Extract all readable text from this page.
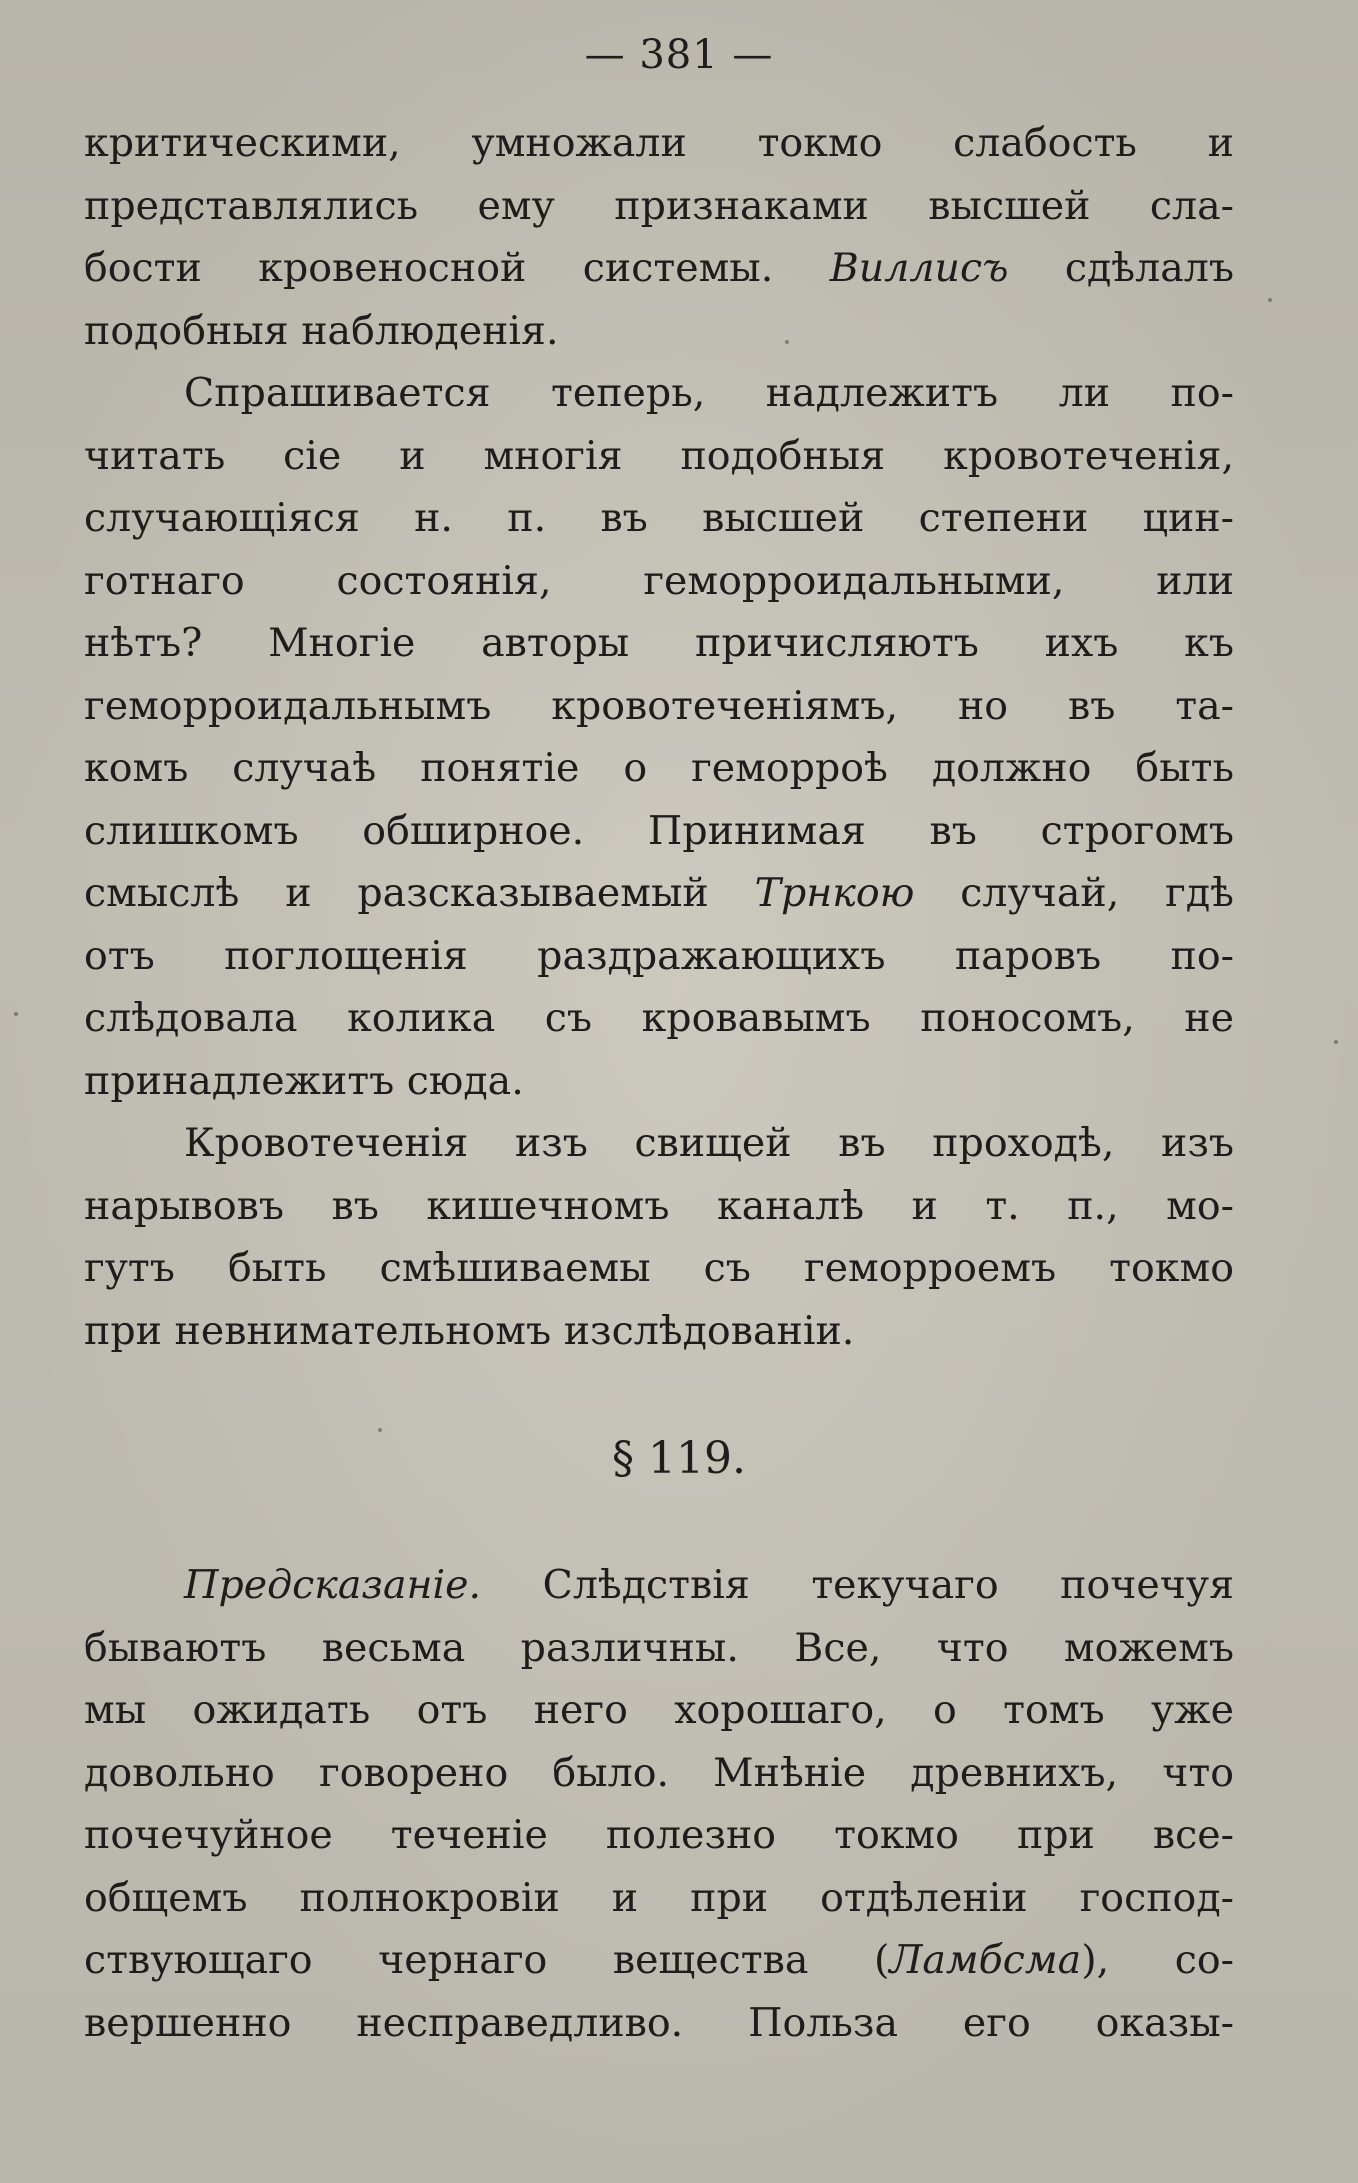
— 381 —
критическими, умножали токмо слабость и
представлялись ему признаками высшей сла-
бости кровеносной системы. Виллисъ сдѣлалъ
подобныя наблюденія.
Спрашивается теперь, надлежитъ ли по-
читать сіе и многія подобныя кровотеченія,
случающіяся н. п. въ высшей степени цин-
готнаго состоянія, геморроидальными, или
нѣтъ? Многіе авторы причисляютъ ихъ къ
геморроидальнымъ кровотеченіямъ, но въ та-
комъ случаѣ понятіе о геморроѣ должно быть
слишкомъ обширное. Принимая въ строгомъ
смыслѣ и разсказываемый Трнкою случай, гдѣ
отъ поглощенія раздражающихъ паровъ по-
слѣдовала колика съ кровавымъ поносомъ, не
принадлежитъ сюда.
Кровотеченія изъ свищей въ проходѣ, изъ
нарывовъ въ кишечномъ каналѣ и т. п., мо-
гутъ быть смѣшиваемы съ геморроемъ токмо
при невнимательномъ изслѣдованіи.
§ 119.
Предсказаніе. Слѣдствія текучаго почечуя
бываютъ весьма различны. Все, что можемъ
мы ожидать отъ него хорошаго, о томъ уже
довольно говорено было. Мнѣніе древнихъ, что
почечуйное теченіе полезно токмо при все-
общемъ полнокровіи и при отдѣленіи господ-
ствующаго чернаго вещества (Ламбсма), со-
вершенно несправедливо. Польза его оказы-
